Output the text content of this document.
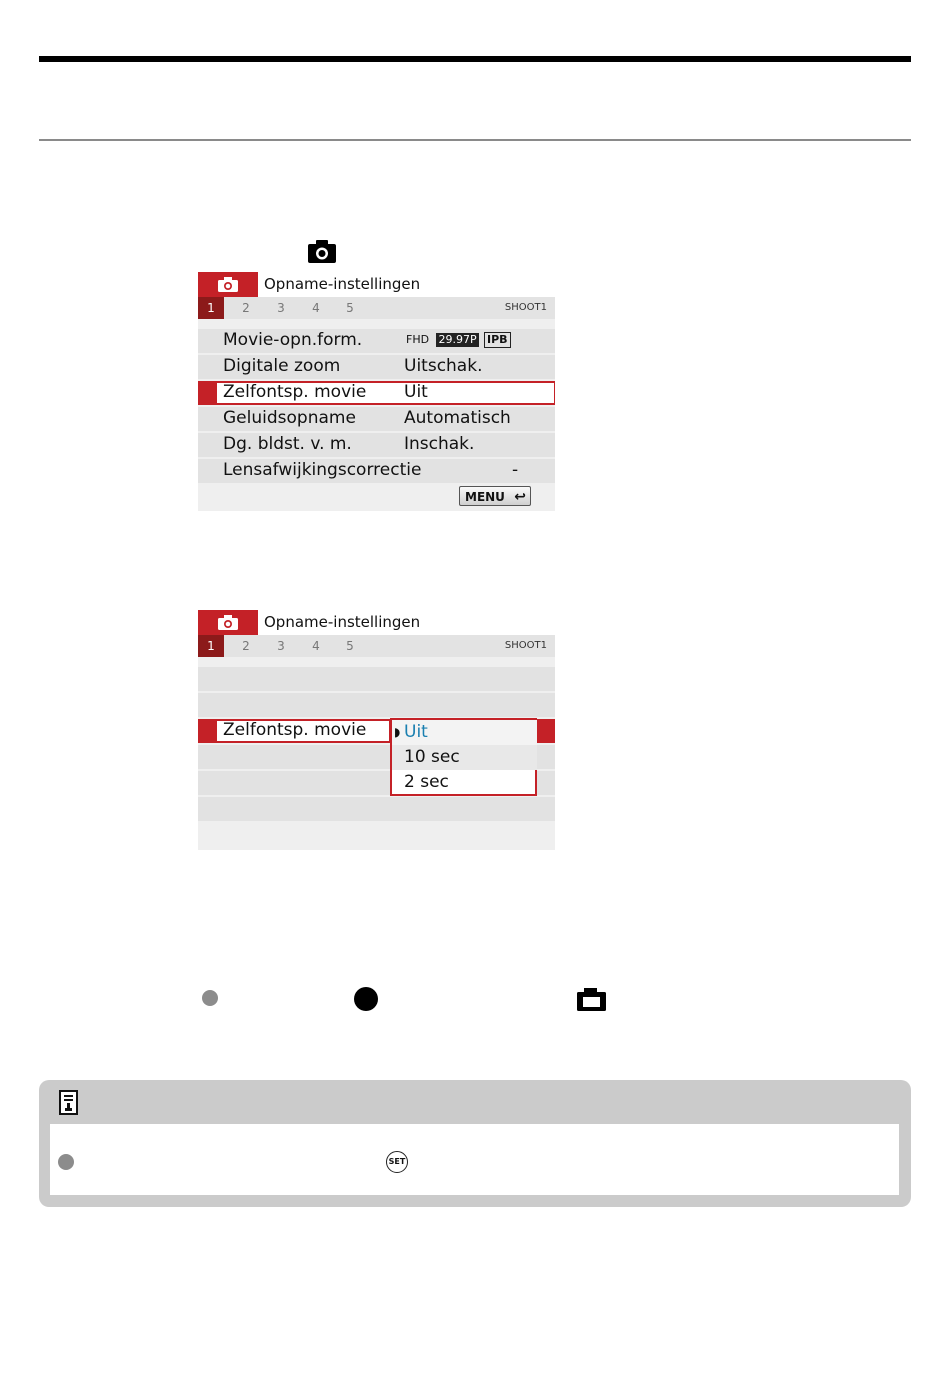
Opname-instellingen
1	2	3	4	5	SHOOT1
Movie-opn.form.	FHD 29.97P IPB
Digitale zoom	Uitschak.
Zelfontsp. movie Uit
Geluidsopname	Automatisch
Dg. bldst. v. m.	Inschak.
Lensafwijkingscorrectie	-
MENU ↩
Opname-instellingen
1	2	3	4	5	SHOOT1
Zelfontsp. movie ◗ Uit
10 sec
2 sec
SET
